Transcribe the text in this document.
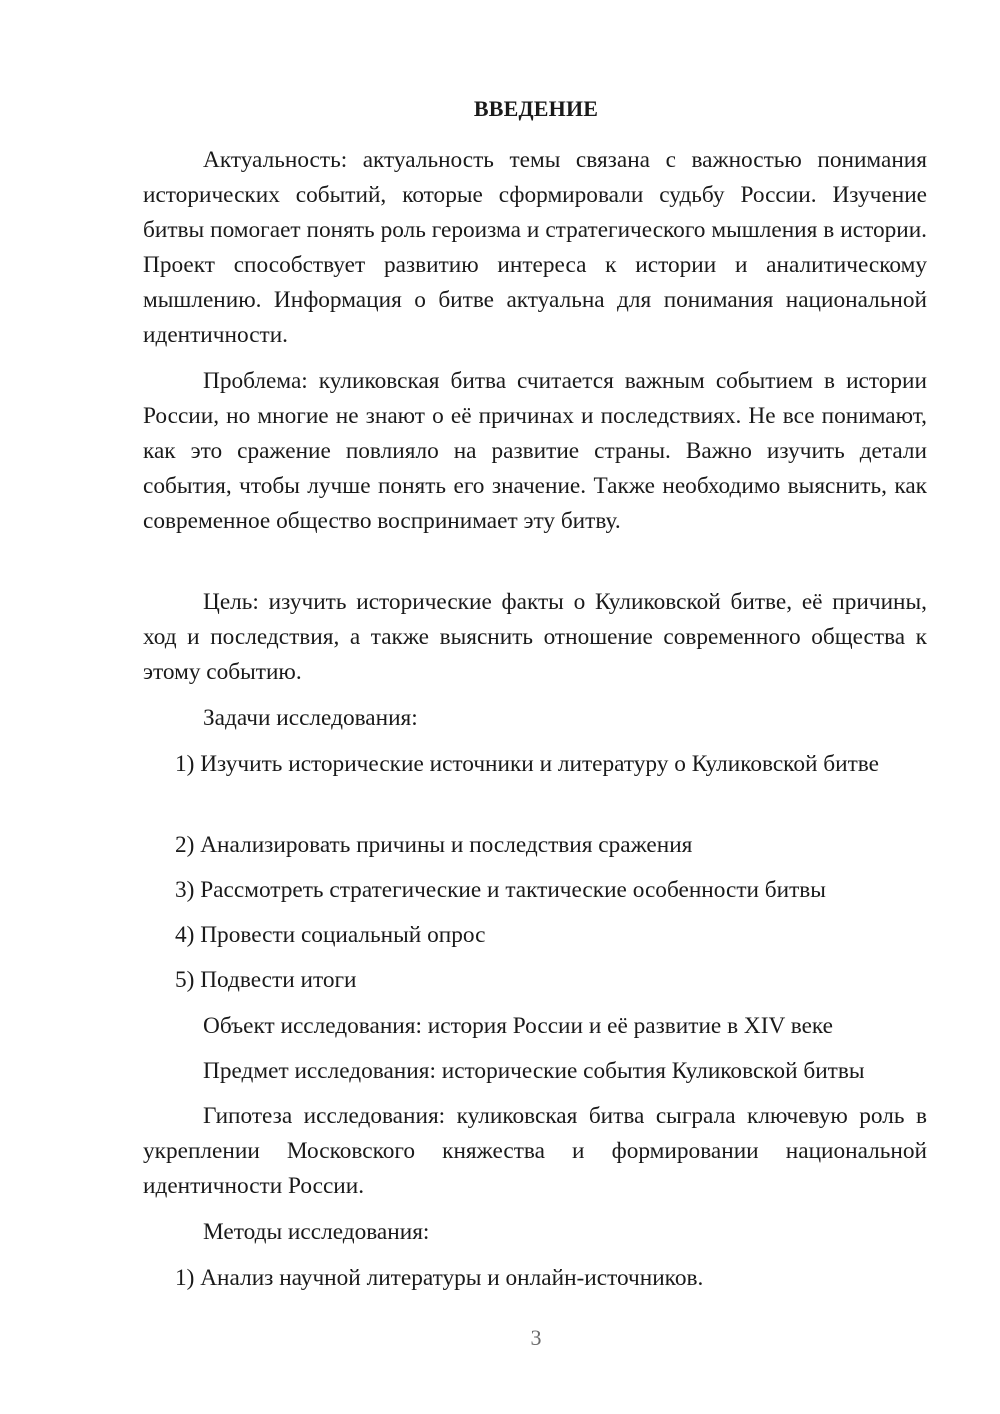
ВВЕДЕНИЕ
Актуальность: актуальность темы связана с важностью понимания исторических событий, которые сформировали судьбу России. Изучение битвы помогает понять роль героизма и стратегического мышления в истории. Проект способствует развитию интереса к истории и аналитическому мышлению. Информация о битве актуальна для понимания национальной идентичности.
Проблема: куликовская битва считается важным событием в истории России, но многие не знают о её причинах и последствиях. Не все понимают, как это сражение повлияло на развитие страны. Важно изучить детали события, чтобы лучше понять его значение. Также необходимо выяснить, как современное общество воспринимает эту битву.
Цель: изучить исторические факты о Куликовской битве, её причины, ход и последствия, а также выяснить отношение современного общества к этому событию.
Задачи исследования:
1) Изучить исторические источники и литературу о Куликовской битве
2) Анализировать причины и последствия сражения
3) Рассмотреть стратегические и тактические особенности битвы
4) Провести социальный опрос
5) Подвести итоги
Объект исследования: история России и её развитие в XIV веке
Предмет исследования: исторические события Куликовской битвы
Гипотеза исследования: куликовская битва сыграла ключевую роль в укреплении Московского княжества и формировании национальной идентичности России.
Методы исследования:
1) Анализ научной литературы и онлайн-источников.
3
